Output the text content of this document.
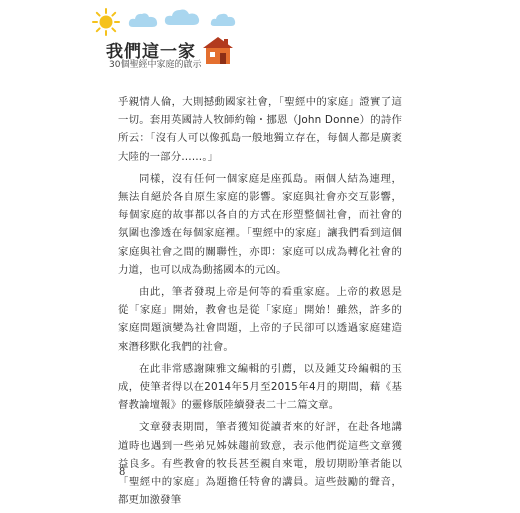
我們這一家
30個聖經中家庭的啟示

乎親情人倫，大則撼動國家社會，「聖經中的家庭」證實了這一切。套用英國詩人牧師約翰・挪恩（John Donne）的詩作所云：「沒有人可以像孤島一般地獨立存在，每個人都是廣袤大陸的一部分……。」

同樣，沒有任何一個家庭是座孤島。兩個人結為連理，無法自絕於各自原生家庭的影響。家庭與社會亦交互影響，每個家庭的故事都以各自的方式在形塑整個社會，而社會的氛圍也滲透在每個家庭裡。「聖經中的家庭」讓我們看到這個家庭與社會之間的關聯性，亦即：家庭可以成為轉化社會的力道，也可以成為動搖國本的元凶。

由此，筆者發現上帝是何等的看重家庭。上帝的救恩是從「家庭」開始，教會也是從「家庭」開始！雖然，許多的家庭問題演變為社會問題，上帝的子民卻可以透過家庭建造來潛移默化我們的社會。

在此非常感謝陳雅文編輯的引薦，以及鍾艾玲編輯的玉成，使筆者得以在2014年5月至2015年4月的期間，藉《基督教論壇報》的靈修版陸續發表二十二篇文章。

文章發表期間，筆者獲知從讀者來的好評，在赴各地講道時也遇到一些弟兄姊妹趨前致意，表示他們從這些文章獲益良多。有些教會的牧長甚至親自來電，殷切期盼筆者能以「聖經中的家庭」為題擔任特會的講員。這些鼓勵的聲音，都更加激發筆

8
